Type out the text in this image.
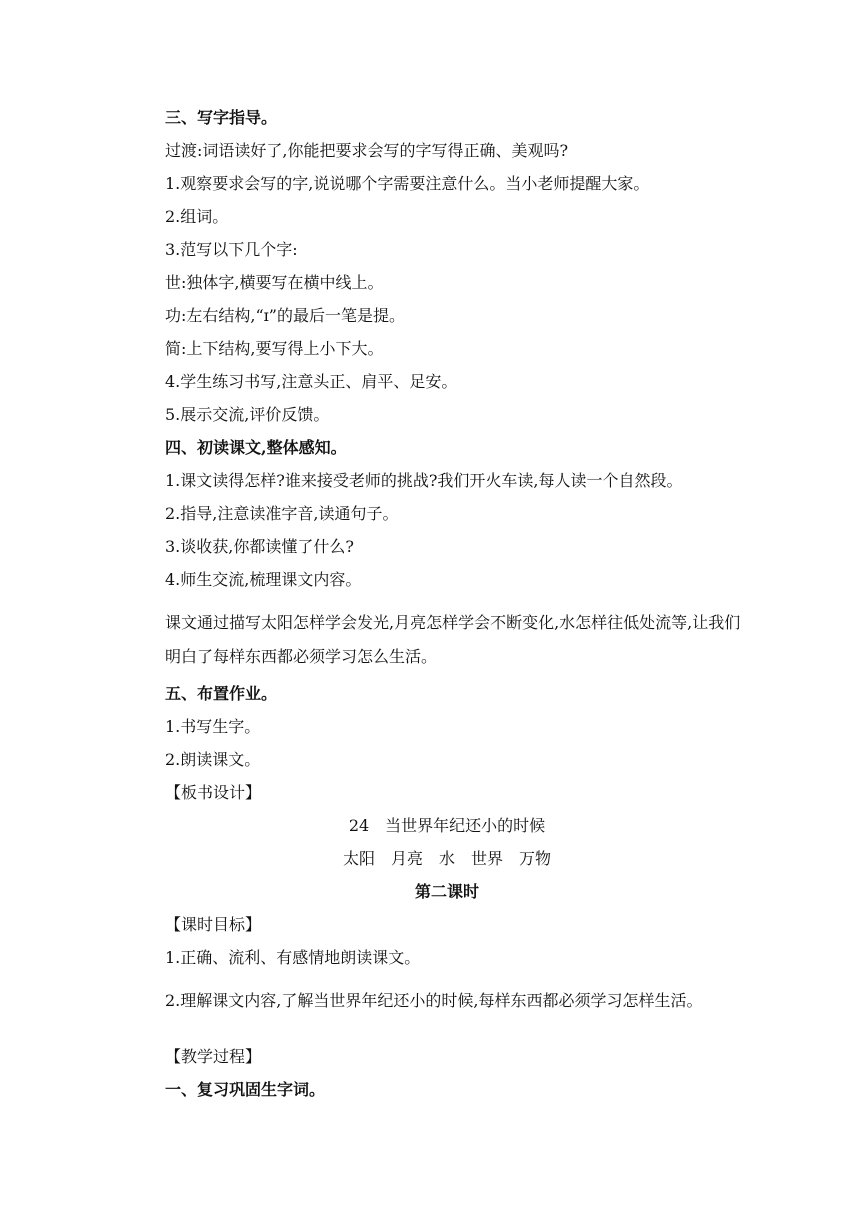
三、写字指导。
过渡:词语读好了,你能把要求会写的字写得正确、美观吗?
1.观察要求会写的字,说说哪个字需要注意什么。当小老师提醒大家。
2.组词。
3.范写以下几个字:
世:独体字,横要写在横中线上。
功:左右结构,“ɪ”的最后一笔是提。
简:上下结构,要写得上小下大。
4.学生练习书写,注意头正、肩平、足安。
5.展示交流,评价反馈。
四、初读课文,整体感知。
1.课文读得怎样?谁来接受老师的挑战?我们开火车读,每人读一个自然段。
2.指导,注意读准字音,读通句子。
3.谈收获,你都读懂了什么?
4.师生交流,梳理课文内容。
课文通过描写太阳怎样学会发光,月亮怎样学会不断变化,水怎样往低处流等,让我们明白了每样东西都必须学习怎么生活。
五、布置作业。
1.书写生字。
2.朗读课文。
【板书设计】
24　当世界年纪还小的时候
太阳　月亮　水　世界　万物
第二课时
【课时目标】
1.正确、流利、有感情地朗读课文。
2.理解课文内容,了解当世界年纪还小的时候,每样东西都必须学习怎样生活。
【教学过程】
一、复习巩固生字词。
